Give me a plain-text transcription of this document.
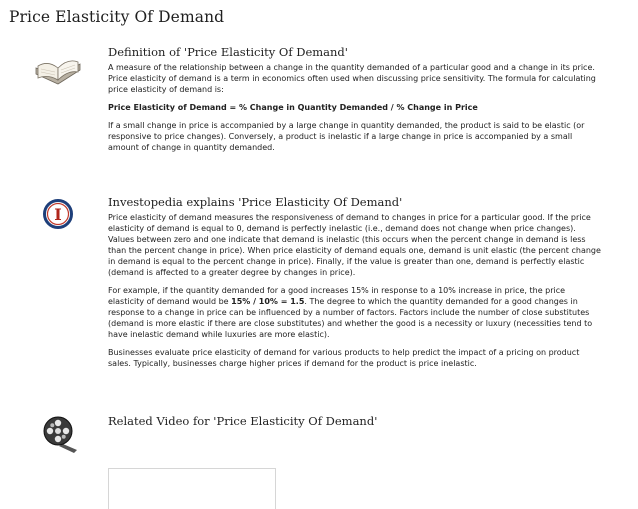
Price Elasticity Of Demand
Definition of 'Price Elasticity Of Demand'

A measure of the relationship between a change in the quantity demanded of a particular good and a change in its price. Price elasticity of demand is a term in economics often used when discussing price sensitivity. The formula for calculating price elasticity of demand is:

Price Elasticity of Demand = % Change in Quantity Demanded / % Change in Price

If a small change in price is accompanied by a large change in quantity demanded, the product is said to be elastic (or responsive to price changes). Conversely, a product is inelastic if a large change in price is accompanied by a small amount of change in quantity demanded.

I
Investopedia explains 'Price Elasticity Of Demand'

Price elasticity of demand measures the responsiveness of demand to changes in price for a particular good. If the price elasticity of demand is equal to 0, demand is perfectly inelastic (i.e., demand does not change when price changes). Values between zero and one indicate that demand is inelastic (this occurs when the percent change in demand is less than the percent change in price). When price elasticity of demand equals one, demand is unit elastic (the percent change in demand is equal to the percent change in price). Finally, if the value is greater than one, demand is perfectly elastic (demand is affected to a greater degree by changes in price).

For example, if the quantity demanded for a good increases 15% in response to a 10% increase in price, the price elasticity of demand would be 15% / 10% = 1.5. The degree to which the quantity demanded for a good changes in response to a change in price can be influenced by a number of factors. Factors include the number of close substitutes (demand is more elastic if there are close substitutes) and whether the good is a necessity or luxury (necessities tend to have inelastic demand while luxuries are more elastic).

Businesses evaluate price elasticity of demand for various products to help predict the impact of a pricing on product sales. Typically, businesses charge higher prices if demand for the product is price inelastic.

Related Video for 'Price Elasticity Of Demand'
